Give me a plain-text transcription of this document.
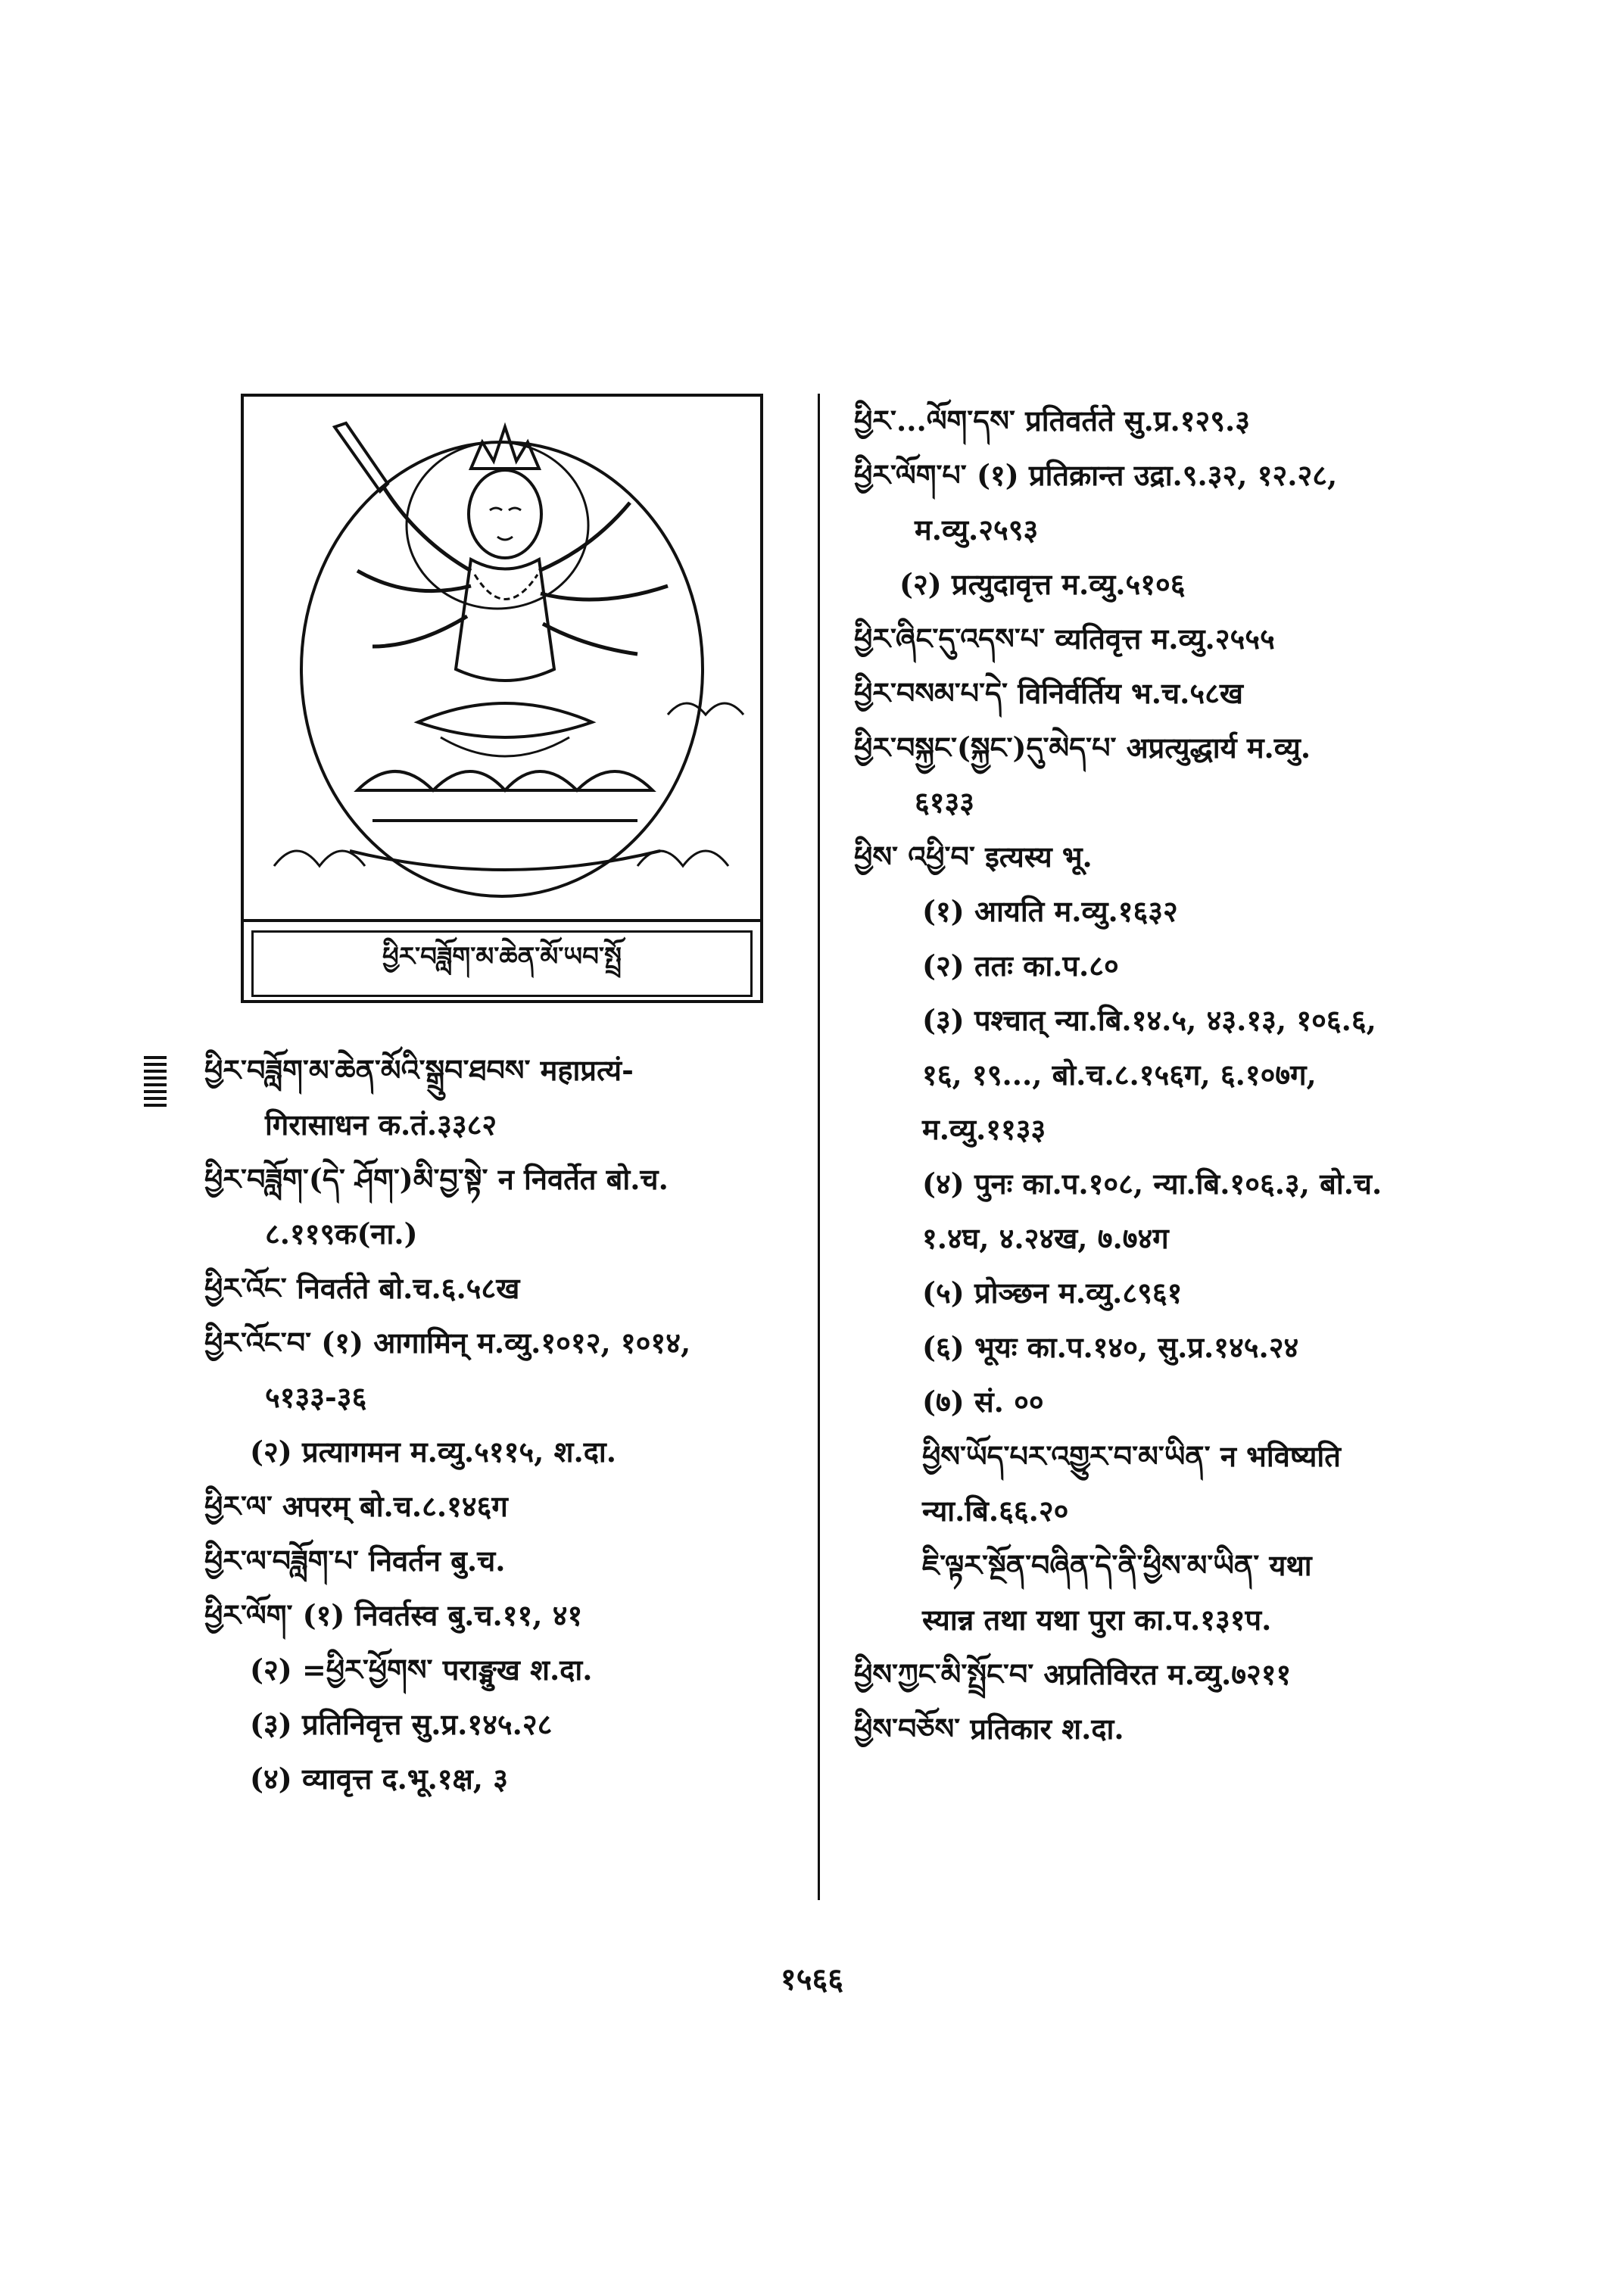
ཕྱིར་བཟློག་མ་ཆེན་མོ་ཡབ་སྤྲོ
ཕྱིར་བཟློག་མ་ཆེན་མོའི་སྒྲུབ་ཐབས་ महाप्रत्यं-
गिरासाधन क.तं.३३८२
ཕྱིར་བཟློག་(དེ་ ཤོག་)མི་བྱ་སྟེ་ न निवर्तेत बो.च.
८.११९क(ना.)
ཕྱིར་འོང་ निवर्तते बो.च.६.५८ख
ཕྱིར་འོང་བ་ (१) आगामिन् म.व्यु.१०१२, १०१४,
५१३३-३६
(२) प्रत्यागमन म.व्यु.५११५, श.दा.
ཕྱིར་ལ་ अपरम् बो.च.८.१४६ग
ཕྱིར་ལ་བཟློག་པ་ निवर्तन बु.च.
ཕྱིར་ལོག་ (१) निवर्तस्व बु.च.११, ४१
(२) =ཕྱིར་ཕྱོགས་ पराङ्मुख श.दा.
(३) प्रतिनिवृत्त सु.प्र.१४५.२८
(४) व्यावृत्त द.भू.१क्ष, ३
ཕྱིར་...ལོག་དས་ प्रतिवर्तते सु.प्र.१२९.३
ཕྱིར་ལོག་པ་ (१) प्रतिक्रान्त उद्रा.९.३२, १२.२८,
म.व्यु.२५९३
(२) प्रत्युदावृत्त म.व्यु.५१०६
ཕྱིར་ཞིང་དུ་འདས་པ་ व्यतिवृत्त म.व्यु.२५५५
ཕྱིར་བསམ་པ་དེ་ विनिर्वर्तिय भ.च.५८ख
ཕྱིར་བསྐྱང་(སྐྱང་)དུ་མེད་པ་ अप्रत्युद्धार्य म.व्यु.
६१३३
ཕྱིས་ འཕྱི་བ་ इत्यस्य भू.
(१) आयति म.व्यु.१६३२
(२) ततः का.प.८०
(३) पश्चात् न्या.बि.१४.५, ४३.१३, १०६.६,
१६, १९..., बो.च.८.१५६ग, ६.१०७ग,
म.व्यु.११३३
(४) पुनः का.प.१०८, न्या.बि.१०६.३, बो.च.
१.४घ, ४.२४ख, ७.७४ग
(५) प्रोञ्छन म.व्यु.८९६१
(६) भूयः का.प.१४०, सु.प्र.१४५.२४
(७) सं. ००
ཕྱིས་ཡོད་པར་འགྱུར་བ་མ་ཡིན་ न भविष्यति
न्या.बि.६६.२०
ཇི་ལྟར་སྔོན་བཞིན་དེ་ནི་ཕྱིས་མ་ཡིན་ यथा
स्यान्न तथा यथा पुरा का.प.१३१प.
ཕྱིས་ཀྱང་མི་སྤྲོང་བ་ अप्रतिविरत म.व्यु.७२११
ཕྱིས་བཅོས་ प्रतिकार श.दा.
१५६६
